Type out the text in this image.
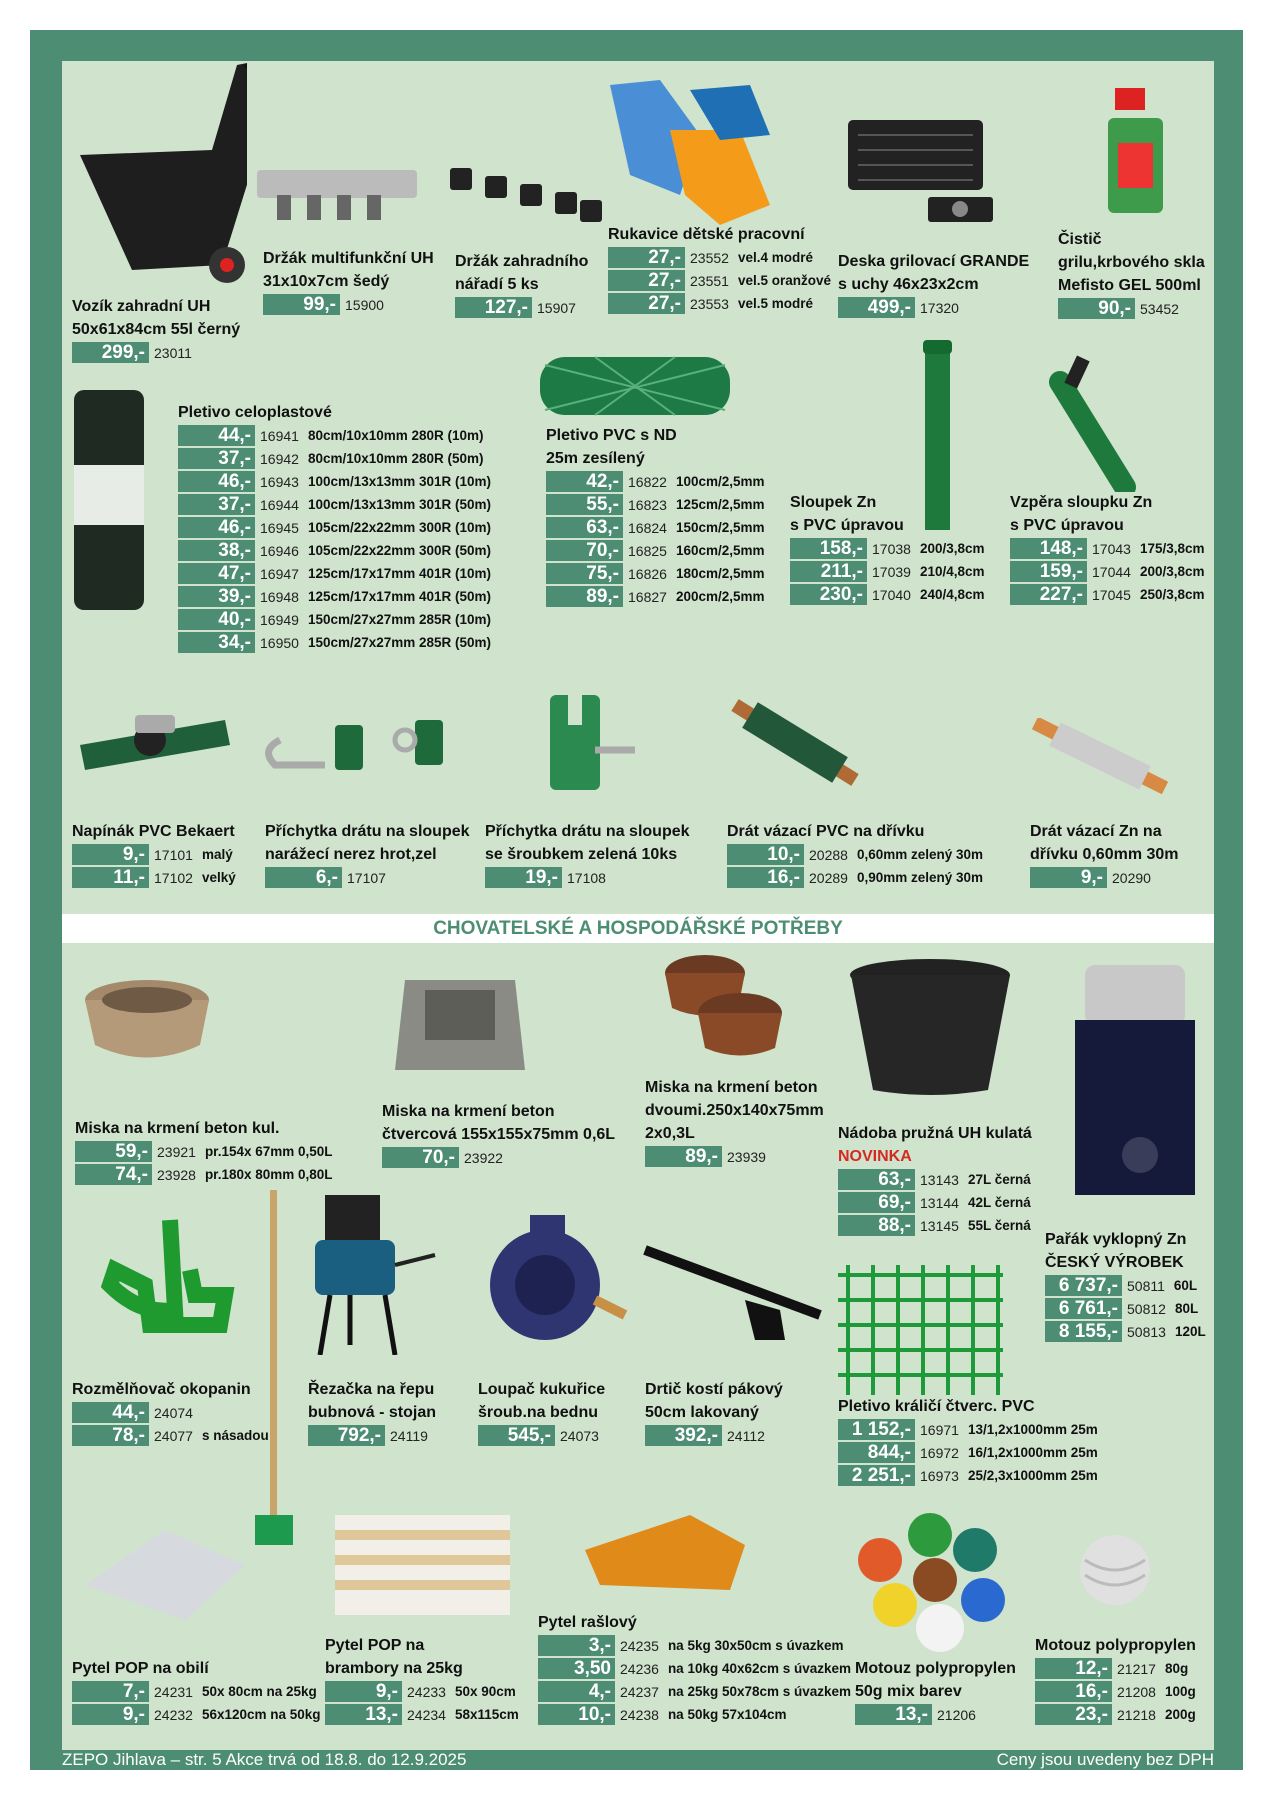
CHOVATELSKÉ A HOSPODÁŘSKÉ POTŘEBY
Vozík zahradní UH
50x61x84cm 55l černý
299,- 23011
Držák multifunkční UH
31x10x7cm šedý
99,- 15900
Držák zahradního
nářadí 5 ks
127,- 15907
Rukavice dětské pracovní
27,- 23552 vel.4 modré
27,- 23551 vel.5 oranžové
27,- 23553 vel.5 modré
Deska grilovací GRANDE
s uchy 46x23x2cm
499,- 17320
Čistič
grilu,krbového skla
Mefisto GEL 500ml
90,- 53452
Pletivo celoplastové
44,- 16941 80cm/10x10mm 280R (10m)
37,- 16942 80cm/10x10mm 280R (50m)
46,- 16943 100cm/13x13mm 301R (10m)
37,- 16944 100cm/13x13mm 301R (50m)
46,- 16945 105cm/22x22mm 300R (10m)
38,- 16946 105cm/22x22mm 300R (50m)
47,- 16947 125cm/17x17mm 401R (10m)
39,- 16948 125cm/17x17mm 401R (50m)
40,- 16949 150cm/27x27mm 285R (10m)
34,- 16950 150cm/27x27mm 285R (50m)
Pletivo PVC s ND
25m zesílený
42,- 16822 100cm/2,5mm
55,- 16823 125cm/2,5mm
63,- 16824 150cm/2,5mm
70,- 16825 160cm/2,5mm
75,- 16826 180cm/2,5mm
89,- 16827 200cm/2,5mm
Sloupek Zn
s PVC úpravou
158,- 17038 200/3,8cm
211,- 17039 210/4,8cm
230,- 17040 240/4,8cm
Vzpěra sloupku Zn
s PVC úpravou
148,- 17043 175/3,8cm
159,- 17044 200/3,8cm
227,- 17045 250/3,8cm
Napínák PVC Bekaert
9,- 17101 malý
11,- 17102 velký
Příchytka drátu na sloupek
narážecí nerez hrot,zel
6,- 17107
Příchytka drátu na sloupek
se šroubkem zelená 10ks
19,- 17108
Drát vázací PVC na dřívku
10,- 20288 0,60mm zelený 30m
16,- 20289 0,90mm zelený 30m
Drát vázací Zn na
dřívku 0,60mm 30m
9,- 20290
Miska na krmení beton kul.
59,- 23921 pr.154x 67mm 0,50L
74,- 23928 pr.180x 80mm 0,80L
Miska na krmení beton
čtvercová 155x155x75mm 0,6L
70,- 23922
Miska na krmení beton
dvoumi.250x140x75mm
2x0,3L
89,- 23939
Nádoba pružná UH kulatá
NOVINKA
63,- 13143 27L černá
69,- 13144 42L černá
88,- 13145 55L černá
Pařák vyklopný Zn
ČESKÝ VÝROBEK
6 737,- 50811 60L
6 761,- 50812 80L
8 155,- 50813 120L
Rozmělňovač okopanin
44,- 24074
78,- 24077 s násadou
Řezačka na řepu
bubnová - stojan
792,- 24119
Loupač kukuřice
šroub.na bednu
545,- 24073
Drtič kostí pákový
50cm lakovaný
392,- 24112
Pletivo králičí čtverc. PVC
1 152,- 16971 13/1,2x1000mm 25m
844,- 16972 16/1,2x1000mm 25m
2 251,- 16973 25/2,3x1000mm 25m
Pytel POP na obilí
7,- 24231 50x 80cm na 25kg
9,- 24232 56x120cm na 50kg
Pytel POP na
brambory na 25kg
9,- 24233 50x 90cm
13,- 24234 58x115cm
Pytel rašlový
3,- 24235 na 5kg 30x50cm s úvazkem
3,50 24236 na 10kg 40x62cm s úvazkem
4,- 24237 na 25kg 50x78cm s úvazkem
10,- 24238 na 50kg 57x104cm
Motouz polypropylen
50g mix barev
13,- 21206
Motouz polypropylen
12,- 21217 80g
16,- 21208 100g
23,- 21218 200g
ZEPO Jihlava – str. 5 Akce trvá od 18.8. do 12.9.2025	Ceny jsou uvedeny bez DPH
